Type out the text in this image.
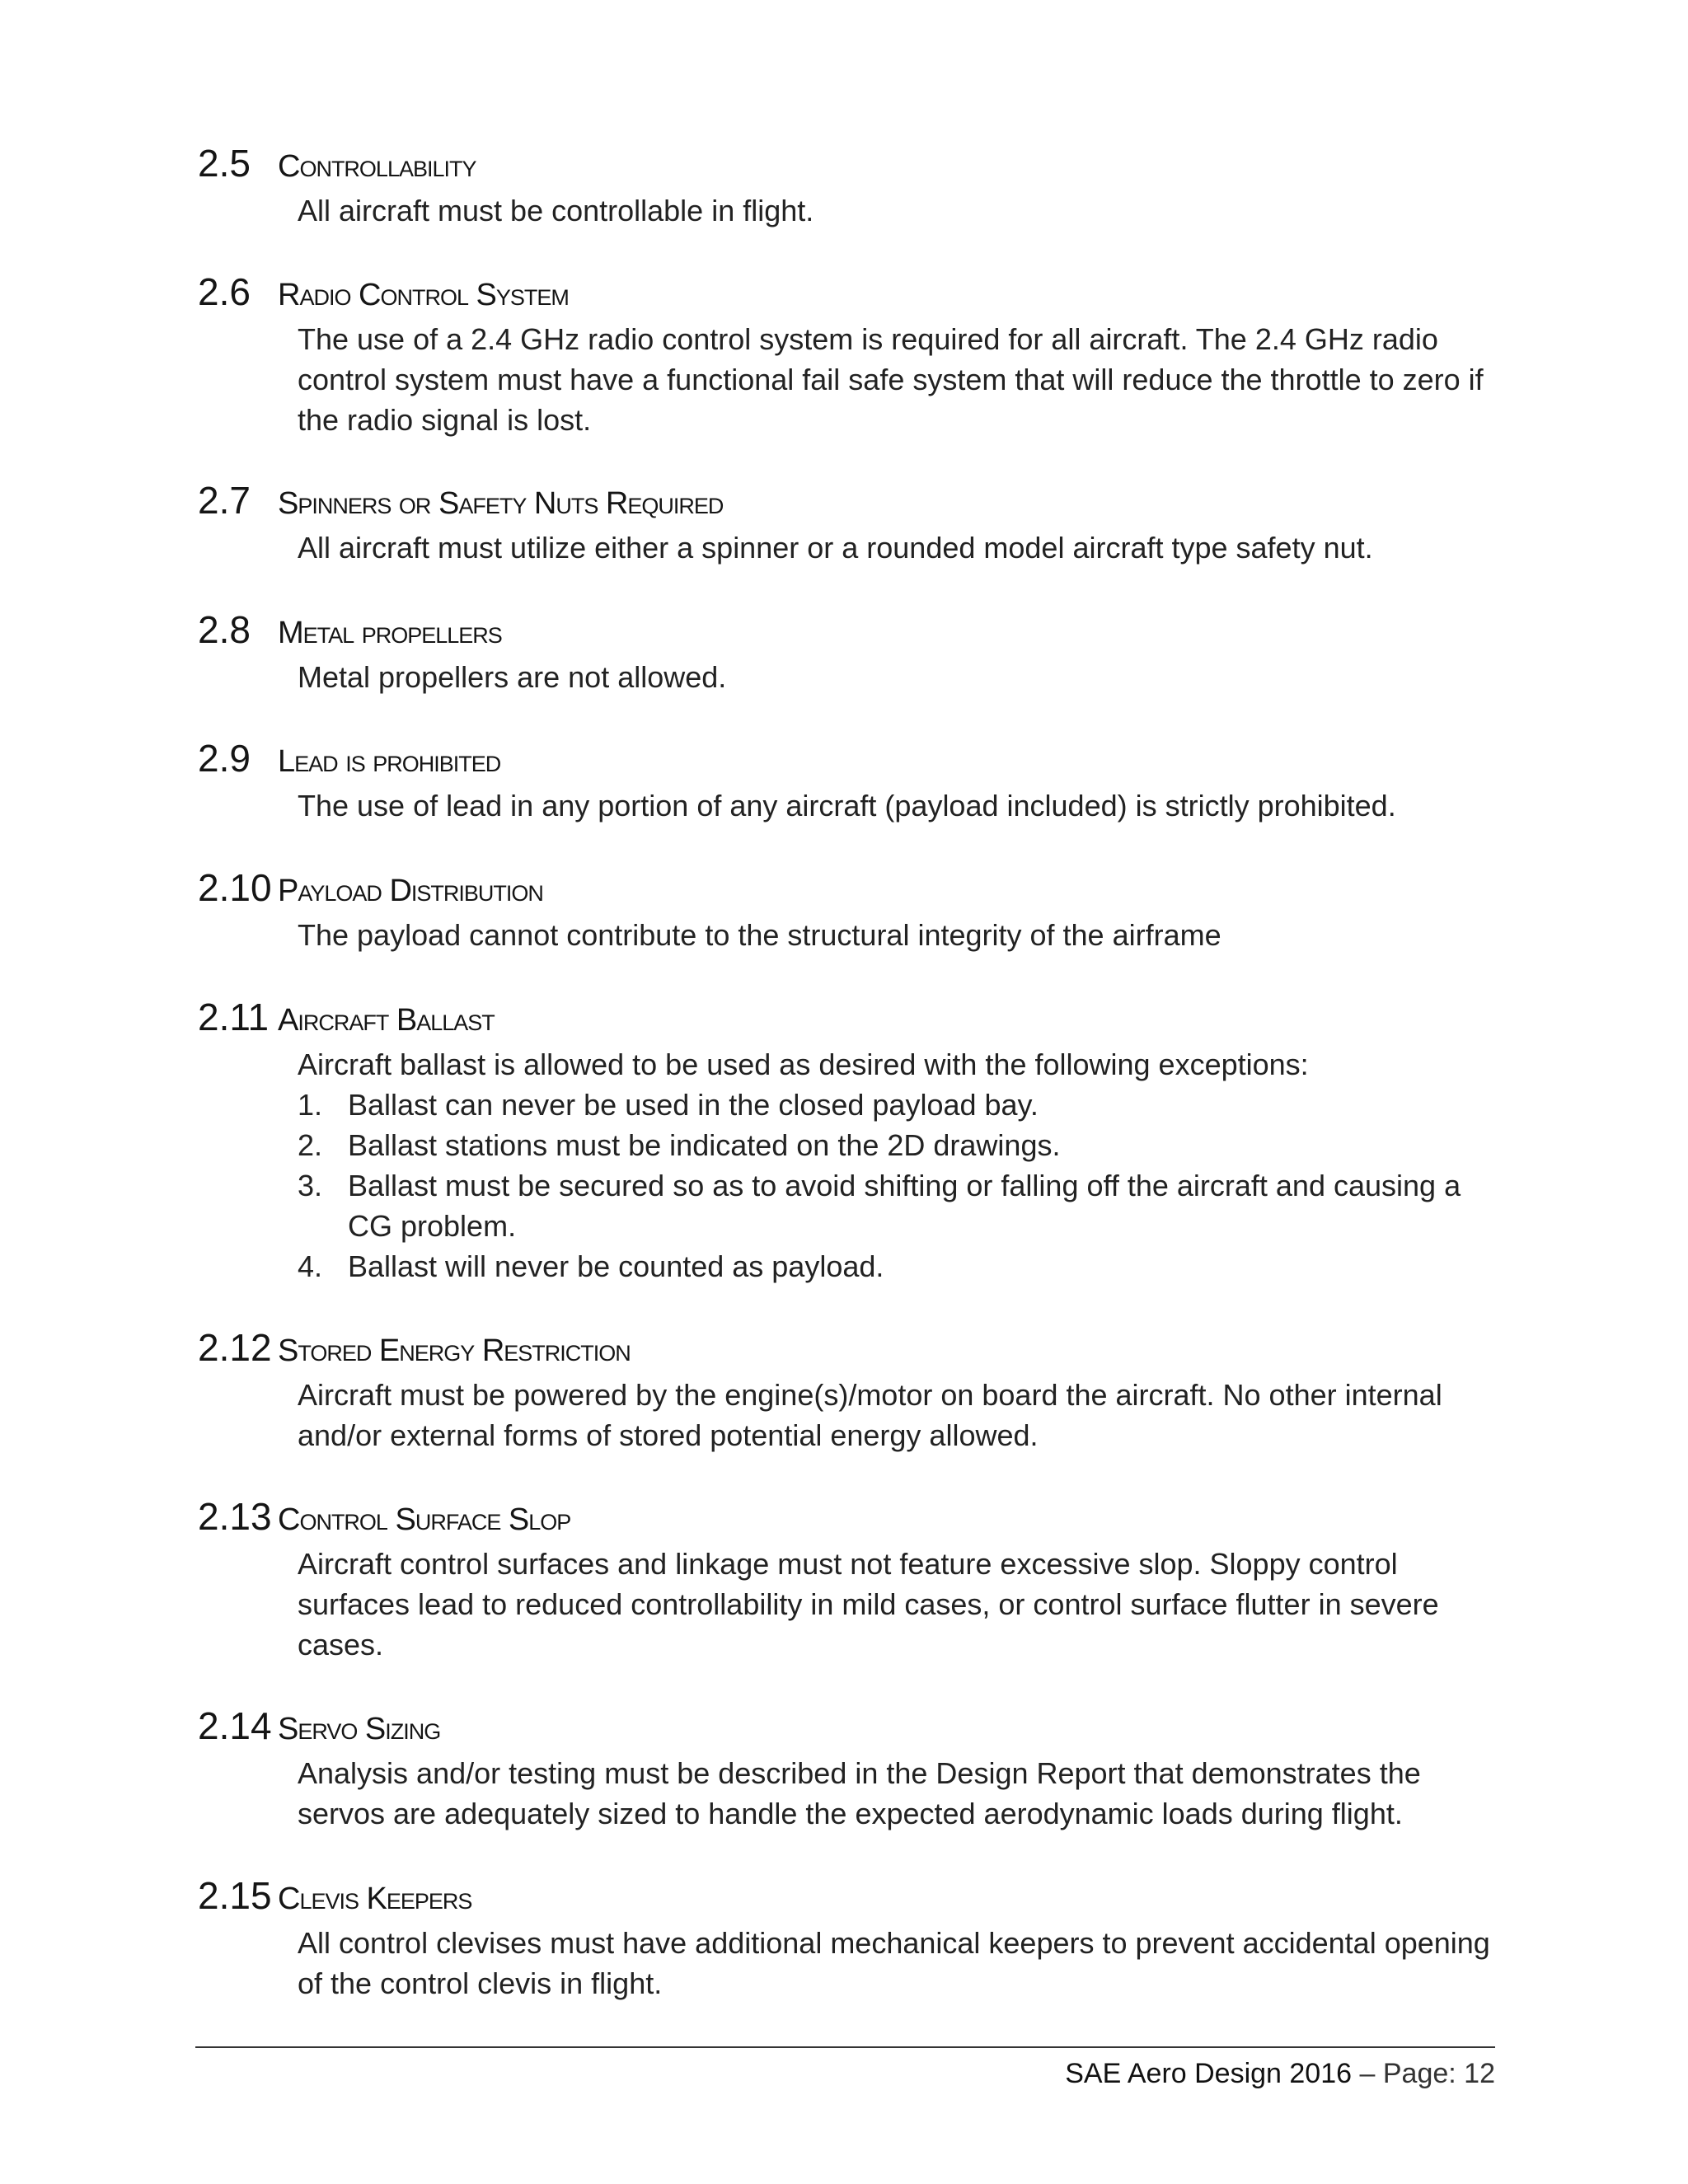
2.5 Controllability
All aircraft must be controllable in flight.
2.6 Radio Control System
The use of a 2.4 GHz radio control system is required for all aircraft. The 2.4 GHz radio control system must have a functional fail safe system that will reduce the throttle to zero if the radio signal is lost.
2.7 Spinners or Safety Nuts Required
All aircraft must utilize either a spinner or a rounded model aircraft type safety nut.
2.8 Metal propellers
Metal propellers are not allowed.
2.9 Lead is prohibited
The use of lead in any portion of any aircraft (payload included) is strictly prohibited.
2.10 Payload Distribution
The payload cannot contribute to the structural integrity of the airframe
2.11 Aircraft Ballast
Aircraft ballast is allowed to be used as desired with the following exceptions:
1. Ballast can never be used in the closed payload bay.
2. Ballast stations must be indicated on the 2D drawings.
3. Ballast must be secured so as to avoid shifting or falling off the aircraft and causing a CG problem.
4. Ballast will never be counted as payload.
2.12 Stored Energy Restriction
Aircraft must be powered by the engine(s)/motor on board the aircraft. No other internal and/or external forms of stored potential energy allowed.
2.13 Control Surface Slop
Aircraft control surfaces and linkage must not feature excessive slop. Sloppy control surfaces lead to reduced controllability in mild cases, or control surface flutter in severe cases.
2.14 Servo Sizing
Analysis and/or testing must be described in the Design Report that demonstrates the servos are adequately sized to handle the expected aerodynamic loads during flight.
2.15 Clevis Keepers
All control clevises must have additional mechanical keepers to prevent accidental opening of the control clevis in flight.
SAE Aero Design 2016 – Page: 12
